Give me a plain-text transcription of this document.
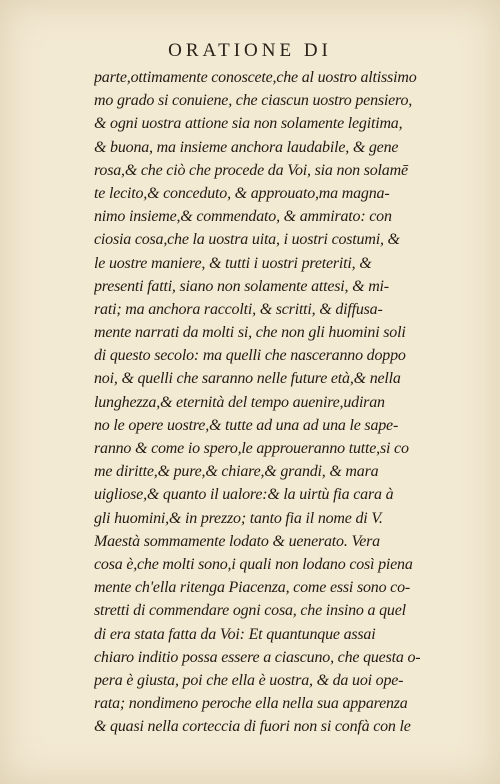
ORATIONE DI
parte,ottimamente conoscete,che al uostro altissimo
mo grado si conuiene, che ciascun uostro pensiero,
& ogni uostra attione sia non solamente legitima,
& buona, ma insieme anchora laudabile, & gene
rosa,& che ciò che procede da Voi, sia non solamē
te lecito,& conceduto, & approuato,ma magna-
nimo insieme,& commendato, & ammirato: con
ciosia cosa,che la uostra uita, i uostri costumi, &
le uostre maniere, & tutti i uostri preteriti, &
presenti fatti, siano non solamente attesi, & mi-
rati; ma anchora raccolti, & scritti, & diffusa-
mente narrati da molti si, che non gli huomini soli
di questo secolo: ma quelli che nasceranno doppo
noi, & quelli che saranno nelle future età,& nella
lunghezza,& eternità del tempo auenire,udiran
no le opere uostre,& tutte ad una ad una le sape-
ranno & come io spero,le approueranno tutte,si co
me diritte,& pure,& chiare,& grandi, & mara
uigliose,& quanto il ualore:& la uirtù fia cara à
gli huomini,& in prezzo; tanto fia il nome di V.
Maestà sommamente lodato & uenerato. Vera
cosa è,che molti sono,i quali non lodano così piena
mente ch'ella ritenga Piacenza, come essi sono co-
stretti di commendare ogni cosa, che insino a quel
di era stata fatta da Voi: Et quantunque assai
chiaro inditio possa essere a ciascuno, che questa o-
pera è giusta, poi che ella è uostra, & da uoi ope-
rata; nondimeno peroche ella nella sua apparenza
& quasi nella corteccia di fuori non si confà con le
